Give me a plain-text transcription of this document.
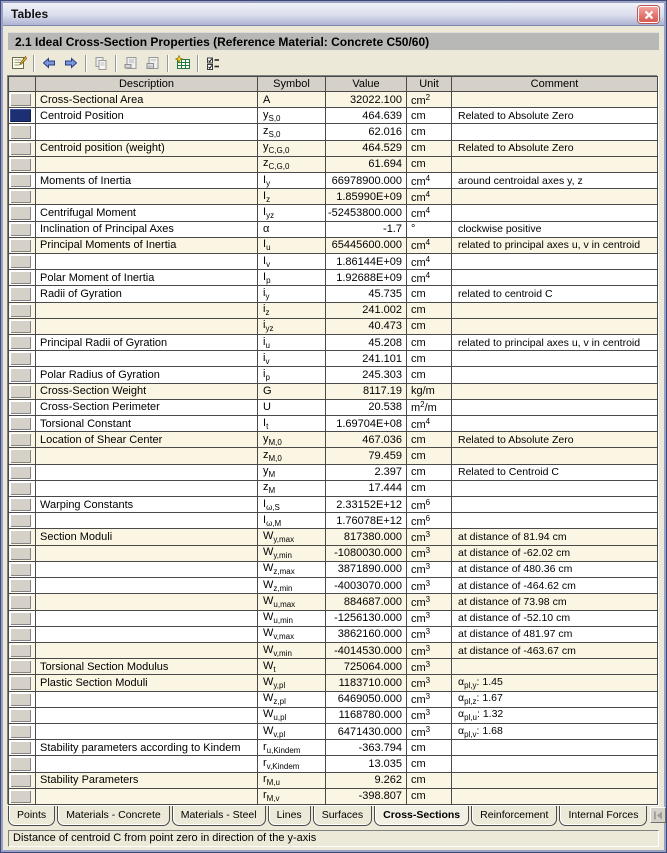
Tables
2.1 Ideal Cross-Section Properties (Reference Material: Concrete C50/60)
	Description	Symbol	Value	Unit	Comment

	Cross-Sectional Area	A	32022.100	$cm^2$	

	Centroid Position	$y_{S,0}$	464.639	cm	Related to Absolute Zero

		$z_{S,0}$	62.016	cm	

	Centroid position (weight)	$y_{C,G,0}$	464.529	cm	Related to Absolute Zero

		$z_{C,G,0}$	61.694	cm	

	Moments of Inertia	$I_y$	66978900.000	$cm^4$	around centroidal axes y, z

		$I_z$	1.85990E+09	$cm^4$	

	Centrifugal Moment	$I_{yz}$	-52453800.000	$cm^4$	

	Inclination of Principal Axes	α	-1.7	°	clockwise positive

	Principal Moments of Inertia	$I_u$	65445600.000	$cm^4$	related to principal axes u, v in centroid

		$I_v$	1.86144E+09	$cm^4$	

	Polar Moment of Inertia	$I_p$	1.92688E+09	$cm^4$	

	Radii of Gyration	$i_y$	45.735	cm	related to centroid C

		$i_z$	241.002	cm	

		$i_{yz}$	40.473	cm	

	Principal Radii of Gyration	$i_u$	45.208	cm	related to principal axes u, v in centroid

		$i_v$	241.101	cm	

	Polar Radius of Gyration	$i_p$	245.303	cm	

	Cross-Section Weight	G	8117.19	kg/m	

	Cross-Section Perimeter	U	20.538	$m^2/m$	

	Torsional Constant	$I_t$	1.69704E+08	$cm^4$	

	Location of Shear Center	$y_{M,0}$	467.036	cm	Related to Absolute Zero

		$z_{M,0}$	79.459	cm	

		$y_M$	2.397	cm	Related to Centroid C

		$z_M$	17.444	cm	

	Warping Constants	$I_{\omega,S}$	2.33152E+12	$cm^6$	

		$I_{\omega,M}$	1.76078E+12	$cm^6$	

	Section Moduli	$W_{y,max}$	817380.000	$cm^3$	at distance of 81.94 cm

		$W_{y,min}$	-1080030.000	$cm^3$	at distance of -62.02 cm

		$W_{z,max}$	3871890.000	$cm^3$	at distance of 480.36 cm

		$W_{z,min}$	-4003070.000	$cm^3$	at distance of -464.62 cm

		$W_{u,max}$	884687.000	$cm^3$	at distance of 73.98 cm

		$W_{u,min}$	-1256130.000	$cm^3$	at distance of -52.10 cm

		$W_{v,max}$	3862160.000	$cm^3$	at distance of 481.97 cm

		$W_{v,min}$	-4014530.000	$cm^3$	at distance of -463.67 cm

	Torsional Section Modulus	$W_t$	725064.000	$cm^3$	

	Plastic Section Moduli	$W_{y,pl}$	1183710.000	$cm^3$	$\alpha_{pl,y}$: 1.45

		$W_{z,pl}$	6469050.000	$cm^3$	$\alpha_{pl,z}$: 1.67

		$W_{u,pl}$	1168780.000	$cm^3$	$\alpha_{pl,u}$: 1.32

		$W_{v,pl}$	6471430.000	$cm^3$	$\alpha_{pl,v}$: 1.68

	Stability parameters according to Kindem	$r_{u,Kindem}$	-363.794	cm	

		$r_{v,Kindem}$	13.035	cm	

	Stability Parameters	$r_{M,u}$	9.262	cm	

		$r_{M,v}$	-398.807	cm	
Points	Materials - Concrete	Materials - Steel	Lines	Surfaces	Cross-Sections	Reinforcement	Internal Forces
Distance of centroid C from point zero in direction of the y-axis
